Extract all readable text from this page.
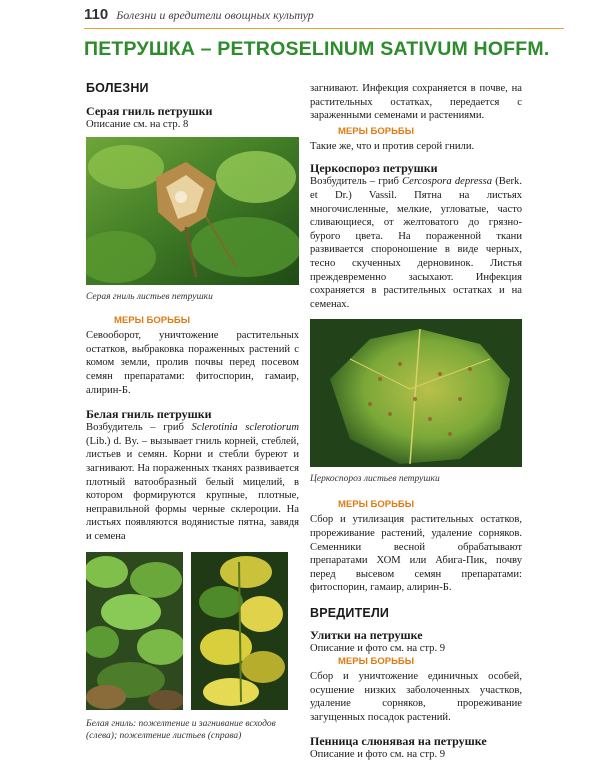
110 Болезни и вредители овощных культур
ПЕТРУШКА – PETROSELINUM SATIVUM HOFFM.
БОЛЕЗНИ
Серая гниль петрушки

Описание см. на стр. 8

Серая гниль листьев петрушки

МЕРЫ БОРЬБЫ

Севооборот, уничтожение растительных остатков, выбраковка пораженных растений с комом земли, пролив почвы перед посевом семян препаратами: фитоспорин, гамаир, алирин-Б.

Белая гниль петрушки

Возбудитель – гриб Sclerotinia sclerotiorum (Lib.) d. By. – вызывает гниль корней, стеблей, листьев и семян. Корни и стебли буреют и загнивают. На пораженных тканях развивается плотный ватообразный белый мицелий, в котором формируются крупные, плотные, неправильной формы черные склероции. На листьях появляются водянистые пятна, завядя и семена

Белая гниль: пожелтение и загнивание всходов (слева); пожелтение листьев (справа)

загнивают. Инфекция сохраняется в почве, на растительных остатках, передается с зараженными семенами и растениями.

МЕРЫ БОРЬБЫ

Такие же, что и против серой гнили.

Церкоспороз петрушки

Возбудитель – гриб Cercospora depressa (Berk. et Dr.) Vassil. Пятна на листьях многочисленные, мелкие, угловатые, часто сливающиеся, от желтоватого до грязно-бурого цвета. На пораженной ткани развивается спороношение в виде черных, тесно скученных дерновинок. Листья преждевременно засыхают. Инфекция сохраняется в растительных остатках и на семенах.

Церкоспороз листьев петрушки

МЕРЫ БОРЬБЫ

Сбор и утилизация растительных остатков, прореживание растений, удаление сорняков. Семенники весной обрабатывают препаратами ХОМ или Абига-Пик, почву перед высевом семян препаратами: фитоспорин, гамаир, алирин-Б.

ВРЕДИТЕЛИ
Улитки на петрушке

Описание и фото см. на стр. 9

МЕРЫ БОРЬБЫ

Сбор и уничтожение единичных особей, осушение низких заболоченных участков, удаление сорняков, прореживание загущенных посадок растений.

Пенница слюнявая на петрушке

Описание и фото см. на стр. 9
